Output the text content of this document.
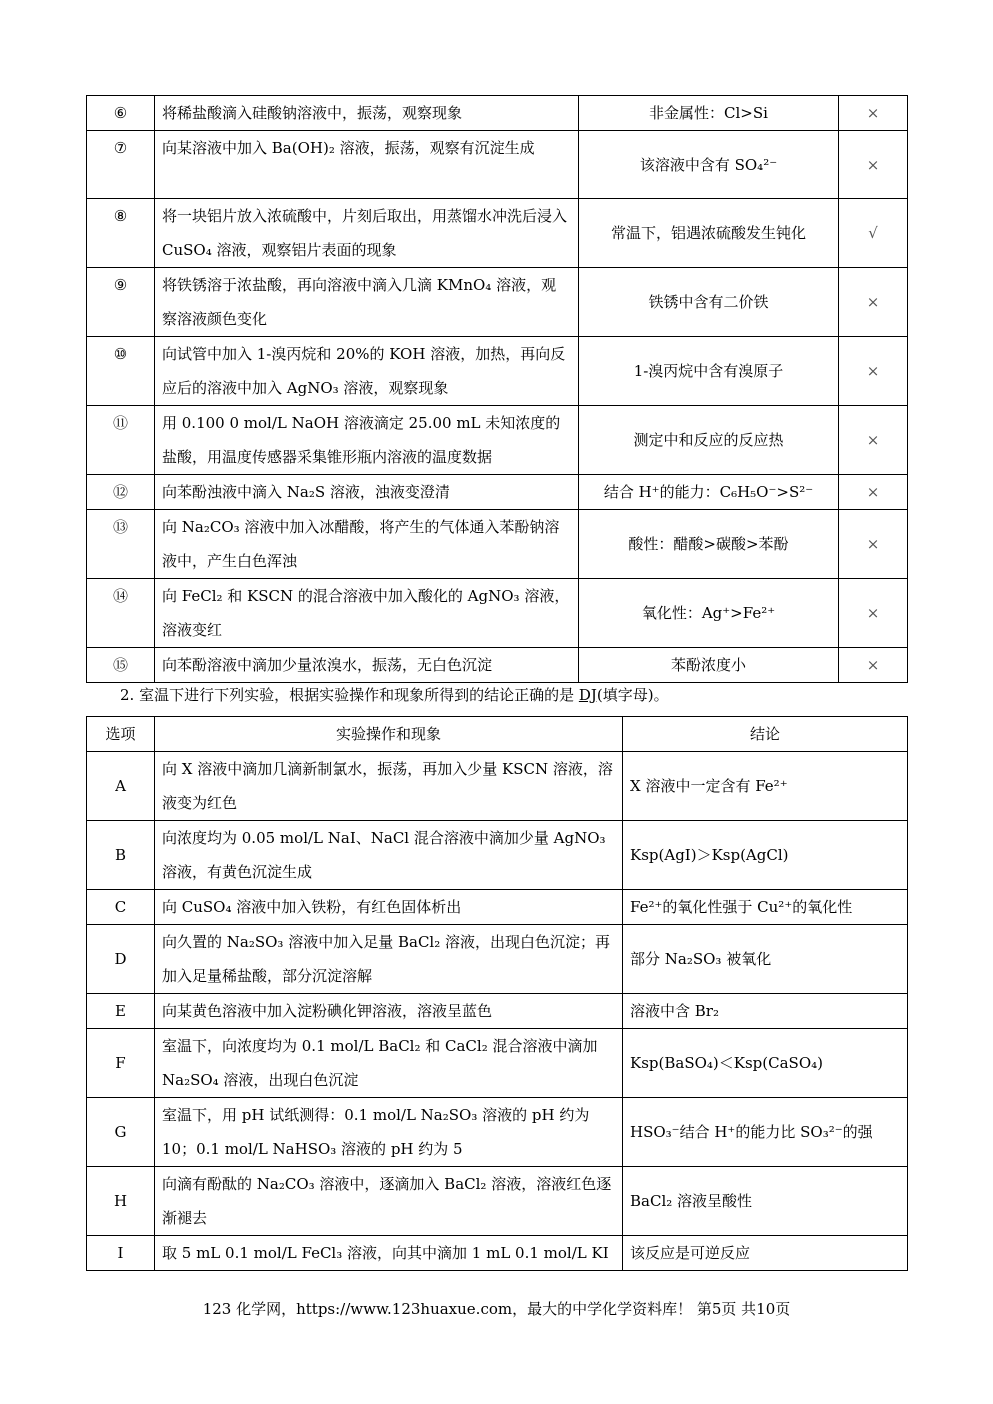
⑥	将稀盐酸滴入硅酸钠溶液中，振荡，观察现象	非金属性：Cl>Si	×
⑦	向某溶液中加入 Ba(OH)₂ 溶液，振荡，观察有沉淀生成	该溶液中含有 SO₄²⁻	×
⑧	将一块铝片放入浓硫酸中，片刻后取出，用蒸馏水冲洗后浸入 CuSO₄ 溶液，观察铝片表面的现象	常温下，铝遇浓硫酸发生钝化	√
⑨	将铁锈溶于浓盐酸，再向溶液中滴入几滴 KMnO₄ 溶液，观察溶液颜色变化	铁锈中含有二价铁	×
⑩	向试管中加入 1-溴丙烷和 20%的 KOH 溶液，加热，再向反应后的溶液中加入 AgNO₃ 溶液，观察现象	1-溴丙烷中含有溴原子	×
⑪	用 0.100 0 mol/L NaOH 溶液滴定 25.00 mL 未知浓度的盐酸，用温度传感器采集锥形瓶内溶液的温度数据	测定中和反应的反应热	×
⑫	向苯酚浊液中滴入 Na₂S 溶液，浊液变澄清	结合 H⁺的能力：C₆H₅O⁻>S²⁻	×
⑬	向 Na₂CO₃ 溶液中加入冰醋酸，将产生的气体通入苯酚钠溶液中，产生白色浑浊	酸性：醋酸>碳酸>苯酚	×
⑭	向 FeCl₂ 和 KSCN 的混合溶液中加入酸化的 AgNO₃ 溶液，溶液变红	氧化性：Ag⁺>Fe²⁺	×
⑮	向苯酚溶液中滴加少量浓溴水，振荡，无白色沉淀	苯酚浓度小	×
2. 室温下进行下列实验，根据实验操作和现象所得到的结论正确的是 DJ(填字母)。
选项	实验操作和现象	结论
A	向 X 溶液中滴加几滴新制氯水，振荡，再加入少量 KSCN 溶液，溶液变为红色	X 溶液中一定含有 Fe²⁺
B	向浓度均为 0.05 mol/L NaI、NaCl 混合溶液中滴加少量 AgNO₃ 溶液，有黄色沉淀生成	Ksp(AgI)＞Ksp(AgCl)
C	向 CuSO₄ 溶液中加入铁粉，有红色固体析出	Fe²⁺的氧化性强于 Cu²⁺的氧化性
D	向久置的 Na₂SO₃ 溶液中加入足量 BaCl₂ 溶液，出现白色沉淀；再加入足量稀盐酸，部分沉淀溶解	部分 Na₂SO₃ 被氧化
E	向某黄色溶液中加入淀粉碘化钾溶液，溶液呈蓝色	溶液中含 Br₂
F	室温下，向浓度均为 0.1 mol/L BaCl₂ 和 CaCl₂ 混合溶液中滴加 Na₂SO₄ 溶液，出现白色沉淀	Ksp(BaSO₄)＜Ksp(CaSO₄)
G	室温下，用 pH 试纸测得：0.1 mol/L Na₂SO₃ 溶液的 pH 约为 10；0.1 mol/L NaHSO₃ 溶液的 pH 约为 5	HSO₃⁻结合 H⁺的能力比 SO₃²⁻的强
H	向滴有酚酞的 Na₂CO₃ 溶液中，逐滴加入 BaCl₂ 溶液，溶液红色逐渐褪去	BaCl₂ 溶液呈酸性
I	取 5 mL 0.1 mol/L FeCl₃ 溶液，向其中滴加 1 mL 0.1 mol/L KI	该反应是可逆反应
123 化学网，https://www.123huaxue.com，最大的中学化学资料库！ 第5页 共10页
